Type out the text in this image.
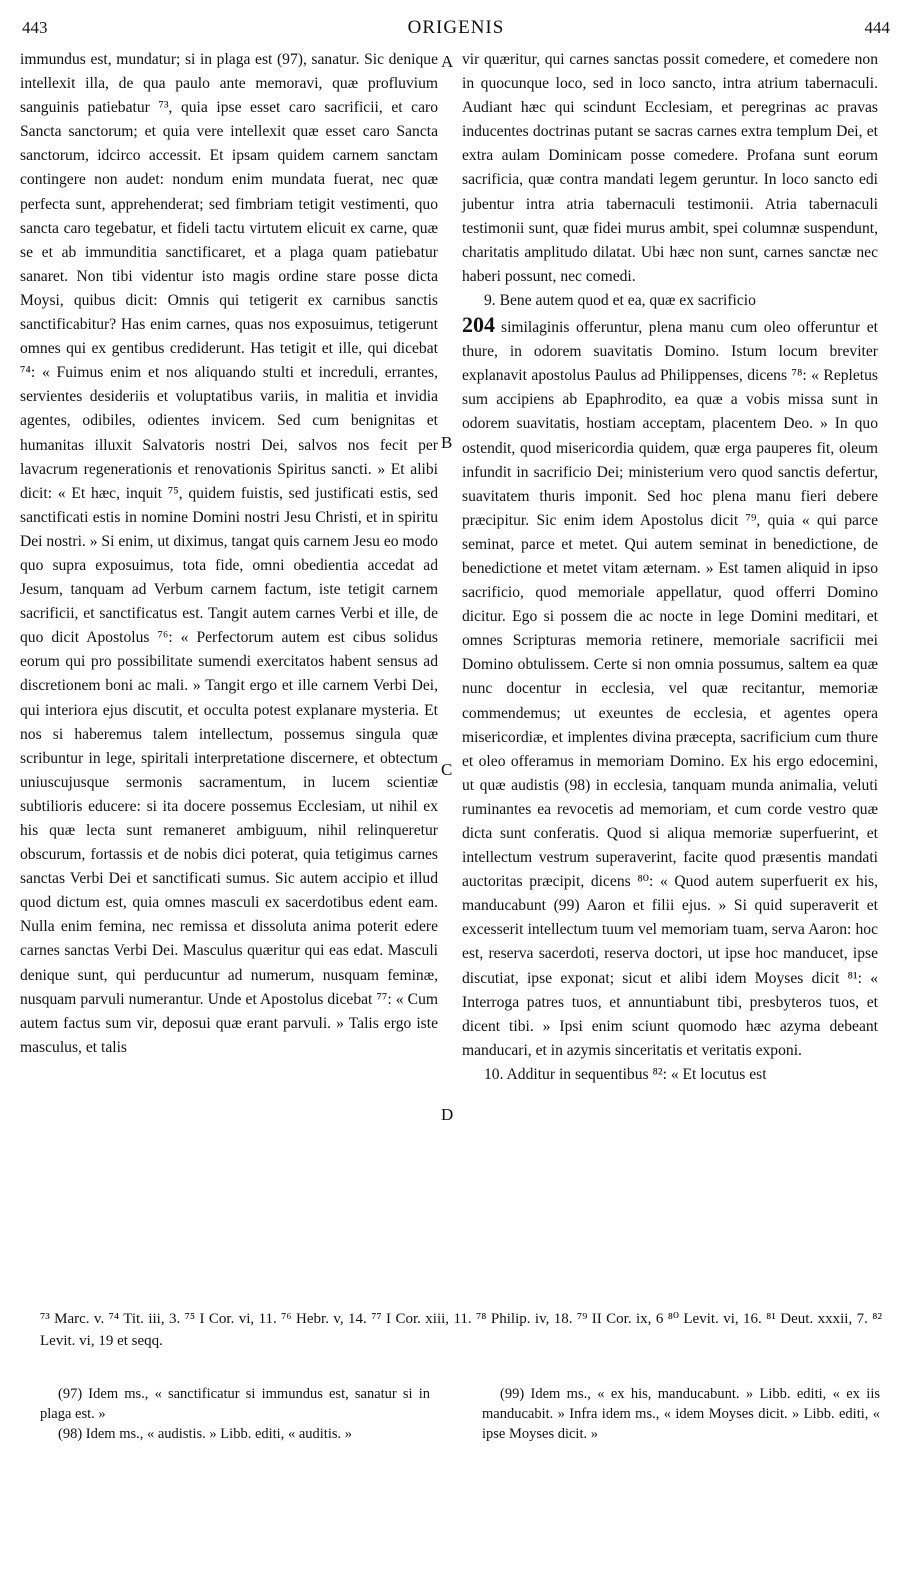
443	ORIGENIS	444

immundus est, mundatur; si in plaga est (97), sanatur. Sic denique intellexit illa, de qua paulo ante memoravi, quæ profluvium sanguinis patiebatur ⁷³, quia ipse esset caro sacrificii, et caro Sancta sanctorum; et quia vere intellexit quæ esset caro Sancta sanctorum, idcirco accessit. Et ipsam quidem carnem sanctam contingere non audet: nondum enim mundata fuerat, nec quæ perfecta sunt, apprehenderat; sed fimbriam tetigit vestimenti, quo sancta caro tegebatur, et fideli tactu virtutem elicuit ex carne, quæ se et ab immunditia sanctificaret, et a plaga quam patiebatur sanaret. Non tibi videntur isto magis ordine stare posse dicta Moysi, quibus dicit: Omnis qui tetigerit ex carnibus sanctis sanctificabitur? Has enim carnes, quas nos exposuimus, tetigerunt omnes qui ex gentibus crediderunt. Has tetigit et ille, qui dicebat ⁷⁴: « Fuimus enim et nos aliquando stulti et increduli, errantes, servientes desideriis et voluptatibus variis, in malitia et invidia agentes, odibiles, odientes invicem. Sed cum benignitas et humanitas illuxit Salvatoris nostri Dei, salvos nos fecit per lavacrum regenerationis et renovationis Spiritus sancti. » Et alibi dicit: « Et hæc, inquit ⁷⁵, quidem fuistis, sed justificati estis, sed sanctificati estis in nomine Domini nostri Jesu Christi, et in spiritu Dei nostri. » Si enim, ut diximus, tangat quis carnem Jesu eo modo quo supra exposuimus, tota fide, omni obedientia accedat ad Jesum, tanquam ad Verbum carnem factum, iste tetigit carnem sacrificii, et sanctificatus est. Tangit autem carnes Verbi et ille, de quo dicit Apostolus ⁷⁶: « Perfectorum autem est cibus solidus eorum qui pro possibilitate sumendi exercitatos habent sensus ad discretionem boni ac mali. » Tangit ergo et ille carnem Verbi Dei, qui interiora ejus discutit, et occulta potest explanare mysteria. Et nos si haberemus talem intellectum, possemus singula quæ scribuntur in lege, spiritali interpretatione discernere, et obtectum uniuscujusque sermonis sacramentum, in lucem scientiæ subtilioris educere: si ita docere possemus Ecclesiam, ut nihil ex his quæ lecta sunt remaneret ambiguum, nihil relinqueretur obscurum, fortassis et de nobis dici poterat, quia tetigimus carnes sanctas Verbi Dei et sanctificati sumus. Sic autem accipio et illud quod dictum est, quia omnes masculi ex sacerdotibus edent eam. Nulla enim femina, nec remissa et dissoluta anima poterit edere carnes sanctas Verbi Dei. Masculus quæritur qui eas edat. Masculi denique sunt, qui perducuntur ad numerum, nusquam feminæ, nusquam parvuli numerantur. Unde et Apostolus dicebat ⁷⁷: « Cum autem factus sum vir, deposui quæ erant parvuli. » Talis ergo iste masculus, et talis

A
B
C
D

vir quæritur, qui carnes sanctas possit comedere, et comedere non in quocunque loco, sed in loco sancto, intra atrium tabernaculi. Audiant hæc qui scindunt Ecclesiam, et peregrinas ac pravas inducentes doctrinas putant se sacras carnes extra templum Dei, et extra aulam Dominicam posse comedere. Profana sunt eorum sacrificia, quæ contra mandati legem geruntur. In loco sancto edi jubentur intra atria tabernaculi testimonii. Atria tabernaculi testimonii sunt, quæ fidei murus ambit, spei columnæ suspendunt, charitatis amplitudo dilatat. Ubi hæc non sunt, carnes sanctæ nec haberi possunt, nec comedi.

9. Bene autem quod et ea, quæ ex sacrificio

204 similaginis offeruntur, plena manu cum oleo offeruntur et thure, in odorem suavitatis Domino. Istum locum breviter explanavit apostolus Paulus ad Philippenses, dicens ⁷⁸: « Repletus sum accipiens ab Epaphrodito, ea quæ a vobis missa sunt in odorem suavitatis, hostiam acceptam, placentem Deo. » In quo ostendit, quod misericordia quidem, quæ erga pauperes fit, oleum infundit in sacrificio Dei; ministerium vero quod sanctis defertur, suavitatem thuris imponit. Sed hoc plena manu fieri debere præcipitur. Sic enim idem Apostolus dicit ⁷⁹, quia « qui parce seminat, parce et metet. Qui autem seminat in benedictione, de benedictione et metet vitam æternam. » Est tamen aliquid in ipso sacrificio, quod memoriale appellatur, quod offerri Domino dicitur. Ego si possem die ac nocte in lege Domini meditari, et omnes Scripturas memoria retinere, memoriale sacrificii mei Domino obtulissem. Certe si non omnia possumus, saltem ea quæ nunc docentur in ecclesia, vel quæ recitantur, memoriæ commendemus; ut exeuntes de ecclesia, et agentes opera misericordiæ, et implentes divina præcepta, sacrificium cum thure et oleo offeramus in memoriam Domino. Ex his ergo edocemini, ut quæ audistis (98) in ecclesia, tanquam munda animalia, veluti ruminantes ea revocetis ad memoriam, et cum corde vestro quæ dicta sunt conferatis. Quod si aliqua memoriæ superfuerint, et intellectum vestrum superaverint, facite quod præsentis mandati auctoritas præcipit, dicens ⁸⁰: « Quod autem superfuerit ex his, manducabunt (99) Aaron et filii ejus. » Si quid superaverit et excesserit intellectum tuum vel memoriam tuam, serva Aaron: hoc est, reserva sacerdoti, reserva doctori, ut ipse hoc manducet, ipse discutiat, ipse exponat; sicut et alibi idem Moyses dicit ⁸¹: « Interroga patres tuos, et annuntiabunt tibi, presbyteros tuos, et dicent tibi. » Ipsi enim sciunt quomodo hæc azyma debeant manducari, et in azymis sinceritatis et veritatis exponi.

10. Additur in sequentibus ⁸²: « Et locutus est

⁷³ Marc. v. ⁷⁴ Tit. iii, 3. ⁷⁵ I Cor. vi, 11. ⁷⁶ Hebr. v, 14. ⁷⁷ I Cor. xiii, 11. ⁷⁸ Philip. iv, 18. ⁷⁹ II Cor. ix, 6 ⁸⁰ Levit. vi, 16. ⁸¹ Deut. xxxii, 7. ⁸² Levit. vi, 19 et seqq.

(97) Idem ms., « sanctificatur si immundus est, sanatur si in plaga est. »

(98) Idem ms., « audistis. » Libb. editi, « auditis. »

(99) Idem ms., « ex his, manducabunt. » Libb. editi, « ex iis manducabit. » Infra idem ms., « idem Moyses dicit. » Libb. editi, « ipse Moyses dicit. »
